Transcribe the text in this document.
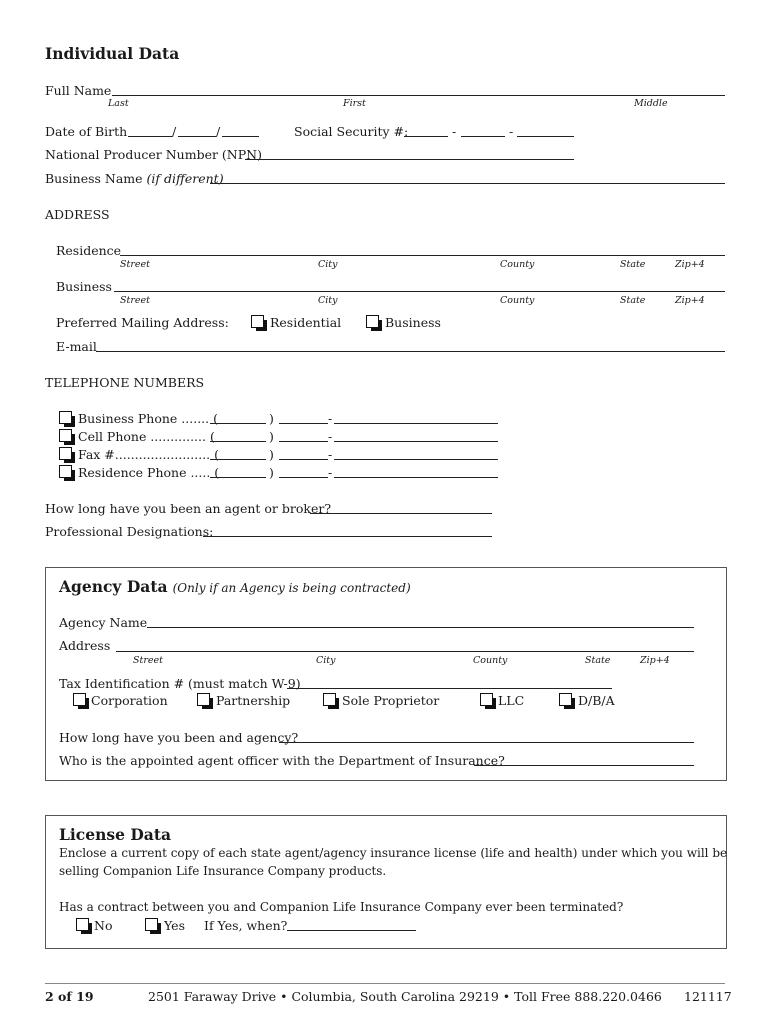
Individual Data
Full Name
Last	First	Middle
Date of Birth	/	/	Social Security #:	-	-
National Producer Number (NPN)
Business Name (if different)
ADDRESS
Residence
Street	City	County	State	Zip+4
Business
Street	City	County	State	Zip+4
Preferred Mailing Address:	Residential	Business
E-mail
TELEPHONE NUMBERS
Business Phone ....... (	)	-
Cell Phone .............. (	)	-
Fax #........................ (	)	-
Residence Phone ..... (	)	-
How long have you been an agent or broker?
Professional Designations:
Agency Data (Only if an Agency is being contracted)
Agency Name
Address
Street	City	County	State	Zip+4
Tax Identification # (must match W-9)
Corporation	Partnership	Sole Proprietor	LLC	D/B/A
How long have you been and agency?
Who is the appointed agent officer with the Department of Insurance?
License Data
Enclose a current copy of each state agent/agency insurance license (life and health) under which you will be
selling Companion Life Insurance Company products.
Has a contract between you and Companion Life Insurance Company ever been terminated?
No	Yes If Yes, when?
2 of 19	2501 Faraway Drive • Columbia, South Carolina 29219 • Toll Free 888.220.0466 121117
